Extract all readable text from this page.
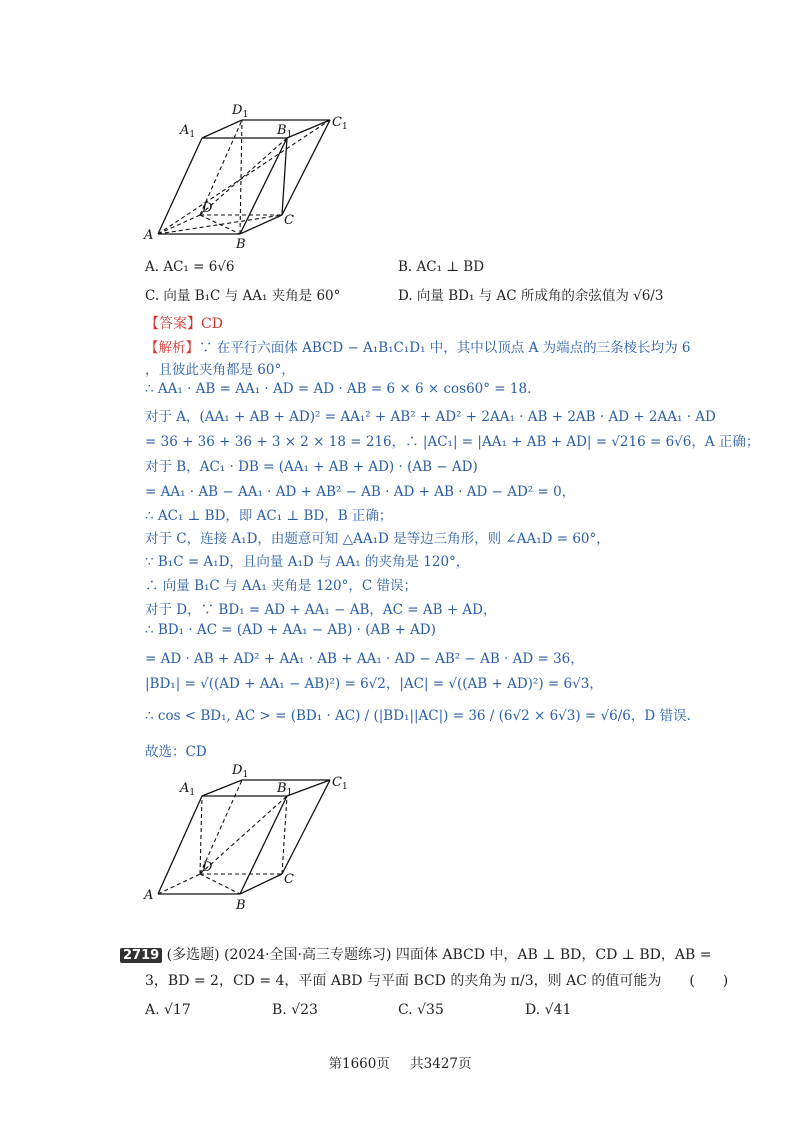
$A_1$
$D_1$
$B_1$
$C_1$
A
B
C
D
A. AC₁ = 6√6	B. AC₁ ⊥ BD
C. 向量 B₁C 与 AA₁ 夹角是 60°	D. 向量 BD₁ 与 AC 所成角的余弦值为 √6/3
【答案】CD
【解析】∵ 在平行六面体 ABCD − A₁B₁C₁D₁ 中，其中以顶点 A 为端点的三条棱长均为 6
，且彼此夹角都是 60°，
∴ AA₁ · AB = AA₁ · AD = AD · AB = 6 × 6 × cos60° = 18.
对于 A，(AA₁ + AB + AD)² = AA₁² + AB² + AD² + 2AA₁ · AB + 2AB · AD + 2AA₁ · AD
= 36 + 36 + 36 + 3 × 2 × 18 = 216，∴ |AC₁| = |AA₁ + AB + AD| = √216 = 6√6，A 正确；
对于 B，AC₁ · DB = (AA₁ + AB + AD) · (AB − AD)
= AA₁ · AB − AA₁ · AD + AB² − AB · AD + AB · AD − AD² = 0，
∴ AC₁ ⊥ BD，即 AC₁ ⊥ BD，B 正确；
对于 C，连接 A₁D，由题意可知 △AA₁D 是等边三角形，则 ∠AA₁D = 60°，
∵ B₁C = A₁D，且向量 A₁D 与 AA₁ 的夹角是 120°，
∴ 向量 B₁C 与 AA₁ 夹角是 120°，C 错误；
对于 D，∵ BD₁ = AD + AA₁ − AB，AC = AB + AD，
∴ BD₁ · AC = (AD + AA₁ − AB) · (AB + AD)
= AD · AB + AD² + AA₁ · AB + AA₁ · AD − AB² − AB · AD = 36，
|BD₁| = √((AD + AA₁ − AB)²) = 6√2，|AC| = √((AB + AD)²) = 6√3，
∴ cos < BD₁, AC > = (BD₁ · AC) / (|BD₁||AC|) = 36 / (6√2 × 6√3) = √6/6，D 错误.
故选：CD
$A_1$
$D_1$
$B_1$
$C_1$
A
B
C
D
2719 (多选题) (2024·全国·高三专题练习) 四面体 ABCD 中，AB ⊥ BD，CD ⊥ BD，AB =
3，BD = 2，CD = 4，平面 ABD 与平面 BCD 的夹角为 π/3，则 AC 的值可能为　　(　　)
A. √17	B. √23	C. √35	D. √41
第1660页 共3427页
